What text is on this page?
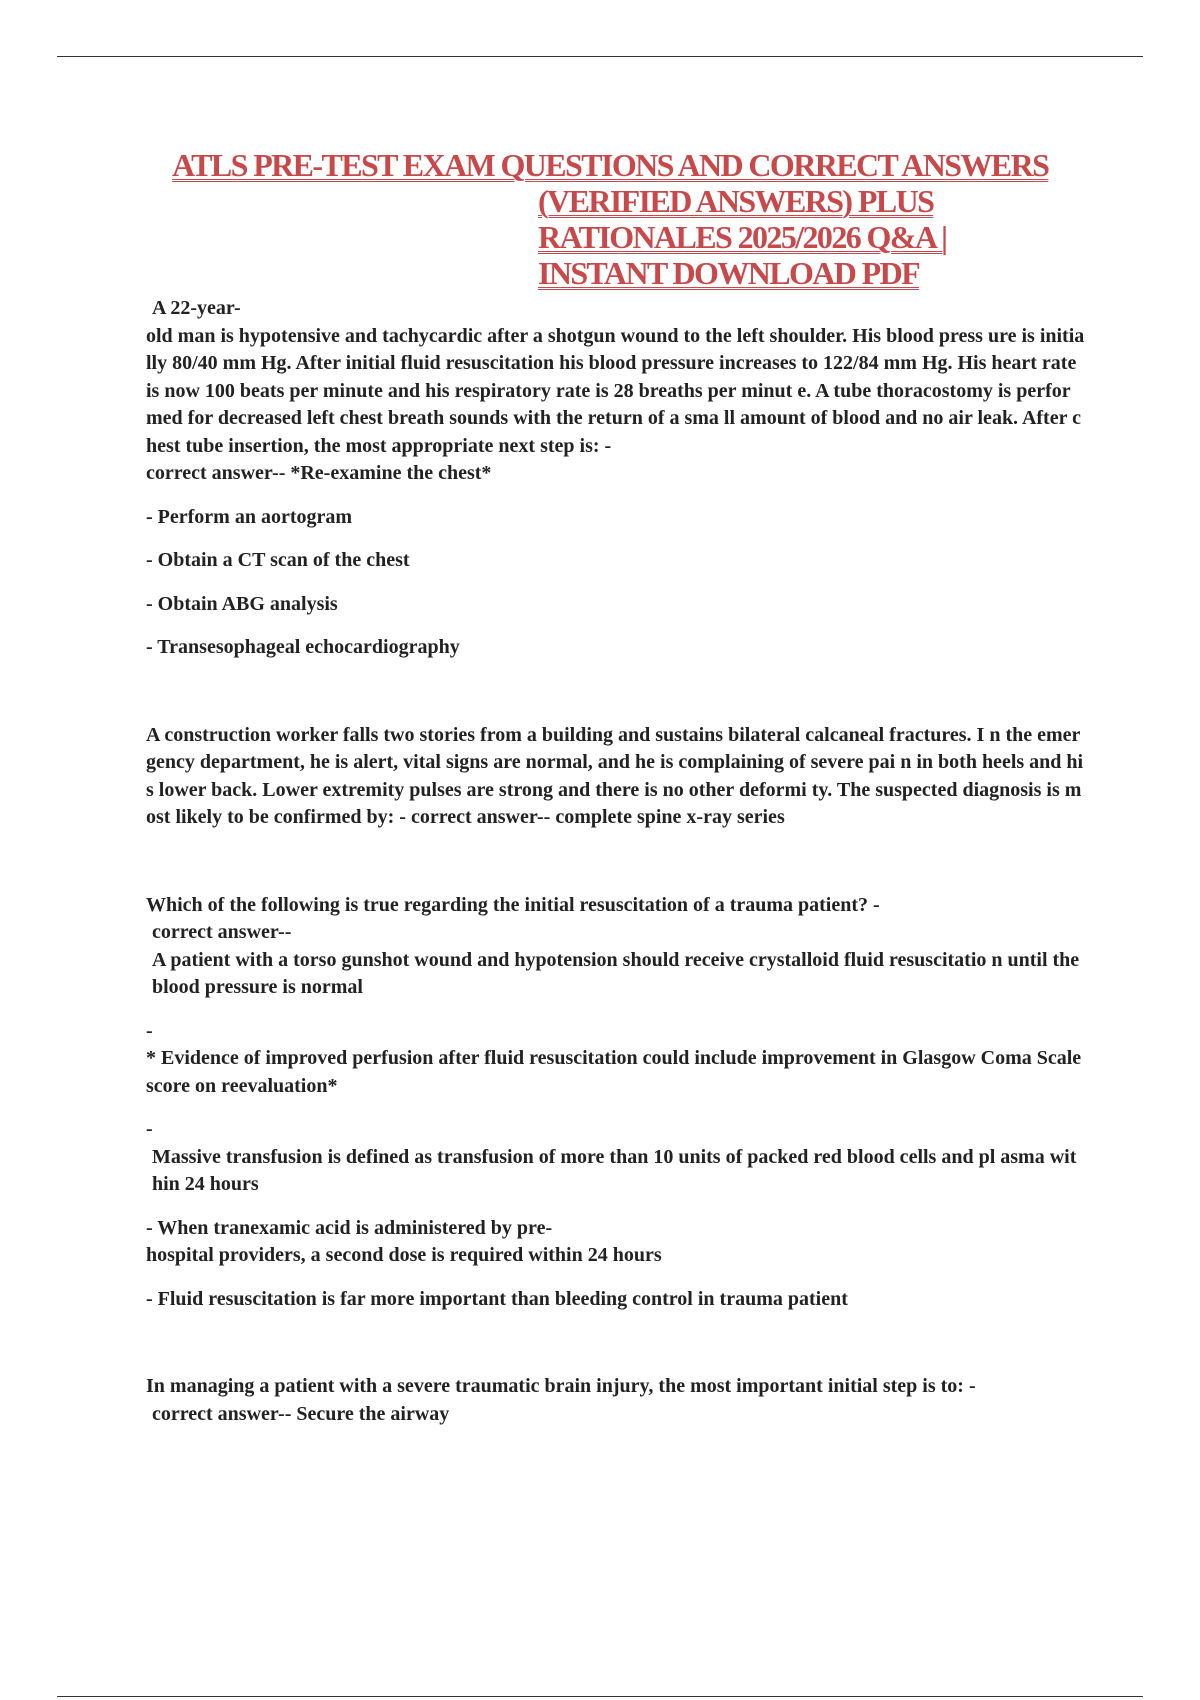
ATLS PRE-TEST EXAM QUESTIONS AND CORRECT ANSWERS
(VERIFIED ANSWERS) PLUS
RATIONALES 2025/2026 Q&A |
INSTANT DOWNLOAD PDF

A 22-year-

old man is hypotensive and tachycardic after a shotgun wound to the left shoulder. His blood press ure is initially 80/40 mm Hg. After initial fluid resuscitation his blood pressure increases to 122/84 mm Hg. His heart rate is now 100 beats per minute and his respiratory rate is 28 breaths per minut e. A tube thoracostomy is performed for decreased left chest breath sounds with the return of a sma ll amount of blood and no air leak. After chest tube insertion, the most appropriate next step is: -

correct answer-- *Re-examine the chest*

- Perform an aortogram

- Obtain a CT scan of the chest

- Obtain ABG analysis

- Transesophageal echocardiography

A construction worker falls two stories from a building and sustains bilateral calcaneal fractures. I n the emergency department, he is alert, vital signs are normal, and he is complaining of severe pai n in both heels and his lower back. Lower extremity pulses are strong and there is no other deformi ty. The suspected diagnosis is most likely to be confirmed by: - correct answer-- complete spine x-ray series

Which of the following is true regarding the initial resuscitation of a trauma patient? -

correct answer--

A patient with a torso gunshot wound and hypotension should receive crystalloid fluid resuscitatio n until the blood pressure is normal

-

* Evidence of improved perfusion after fluid resuscitation could include improvement in Glasgow Coma Scale score on reevaluation*

-

Massive transfusion is defined as transfusion of more than 10 units of packed red blood cells and pl asma within 24 hours

- When tranexamic acid is administered by pre-

hospital providers, a second dose is required within 24 hours

- Fluid resuscitation is far more important than bleeding control in trauma patient

In managing a patient with a severe traumatic brain injury, the most important initial step is to: -

correct answer-- Secure the airway
